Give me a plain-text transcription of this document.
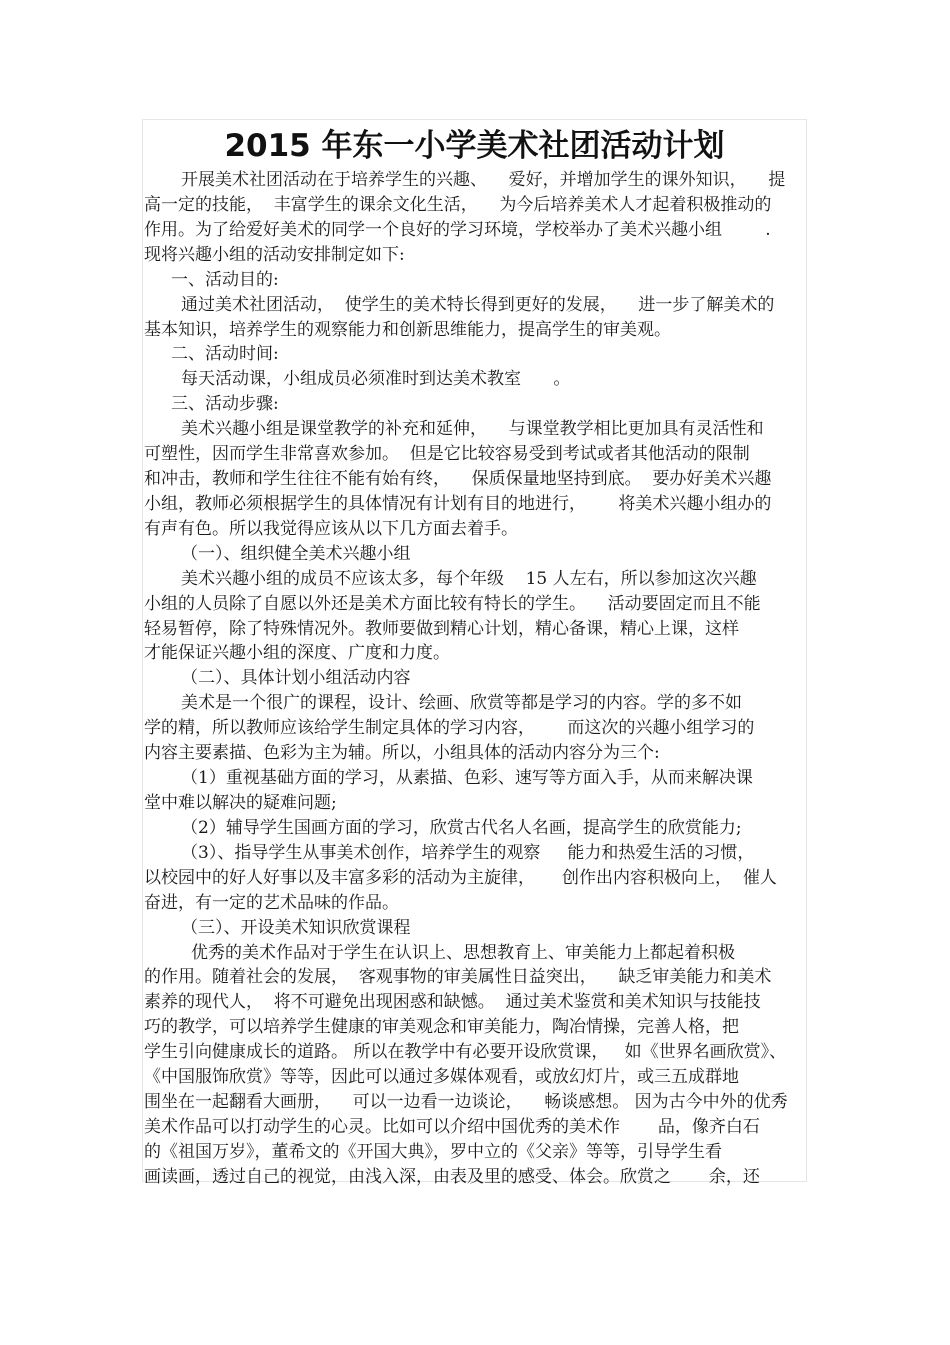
2015 年东一小学美术社团活动计划
开展美术社团活动在于培养学生的兴趣、    爱好，并增加学生的课外知识，    提
高一定的技能，  丰富学生的课余文化生活，    为今后培养美术人才起着积极推动的
作用。为了给爱好美术的同学一个良好的学习环境，学校举办了美术兴趣小组        .
现将兴趣小组的活动安排制定如下:
一、活动目的:
通过美术社团活动，  使学生的美术特长得到更好的发展，    进一步了解美术的
基本知识，培养学生的观察能力和创新思维能力，提高学生的审美观。
二、活动时间:
每天活动课，小组成员必须准时到达美术教室      。
三、活动步骤:
美术兴趣小组是课堂教学的补充和延伸，    与课堂教学相比更加具有灵活性和
可塑性，因而学生非常喜欢参加。  但是它比较容易受到考试或者其他活动的限制
和冲击，教师和学生往往不能有始有终，    保质保量地坚持到底。  要办好美术兴趣
小组，教师必须根据学生的具体情况有计划有目的地进行，      将美术兴趣小组办的
有声有色。所以我觉得应该从以下几方面去着手。
（一）、组织健全美术兴趣小组
美术兴趣小组的成员不应该太多，每个年级    15 人左右，所以参加这次兴趣
小组的人员除了自愿以外还是美术方面比较有特长的学生。    活动要固定而且不能
轻易暂停，除了特殊情况外。教师要做到精心计划，精心备课，精心上课，这样
才能保证兴趣小组的深度、广度和力度。
（二）、具体计划小组活动内容
美术是一个很广的课程，设计、绘画、欣赏等都是学习的内容。学的多不如
学的精，所以教师应该给学生制定具体的学习内容，      而这次的兴趣小组学习的
内容主要素描、色彩为主为辅。所以，小组具体的活动内容分为三个:
（1）重视基础方面的学习，从素描、色彩、速写等方面入手，从而来解决课
堂中难以解决的疑难问题;
（2）辅导学生国画方面的学习，欣赏古代名人名画，提高学生的欣赏能力;
（3）、指导学生从事美术创作，培养学生的观察     能力和热爱生活的习惯，
以校园中的好人好事以及丰富多彩的活动为主旋律，     创作出内容积极向上，  催人
奋进，有一定的艺术品味的作品。
（三）、开设美术知识欣赏课程
优秀的美术作品对于学生在认识上、思想教育上、审美能力上都起着积极
的作用。随着社会的发展，  客观事物的审美属性日益突出，    缺乏审美能力和美术
素养的现代人，  将不可避免出现困惑和缺憾。  通过美术鉴赏和美术知识与技能技
巧的教学，可以培养学生健康的审美观念和审美能力，陶冶情操，完善人格，把
学生引向健康成长的道路。 所以在教学中有必要开设欣赏课，   如《世界名画欣赏》、
《中国服饰欣赏》等等，因此可以通过多媒体观看，或放幻灯片，或三五成群地
围坐在一起翻看大画册，    可以一边看一边谈论，    畅谈感想。 因为古今中外的优秀
美术作品可以打动学生的心灵。比如可以介绍中国优秀的美术作       品，像齐白石
的《祖国万岁》，董希文的《开国大典》，罗中立的《父亲》等等，引导学生看
画读画，透过自己的视觉，由浅入深，由表及里的感受、体会。欣赏之       余，还
